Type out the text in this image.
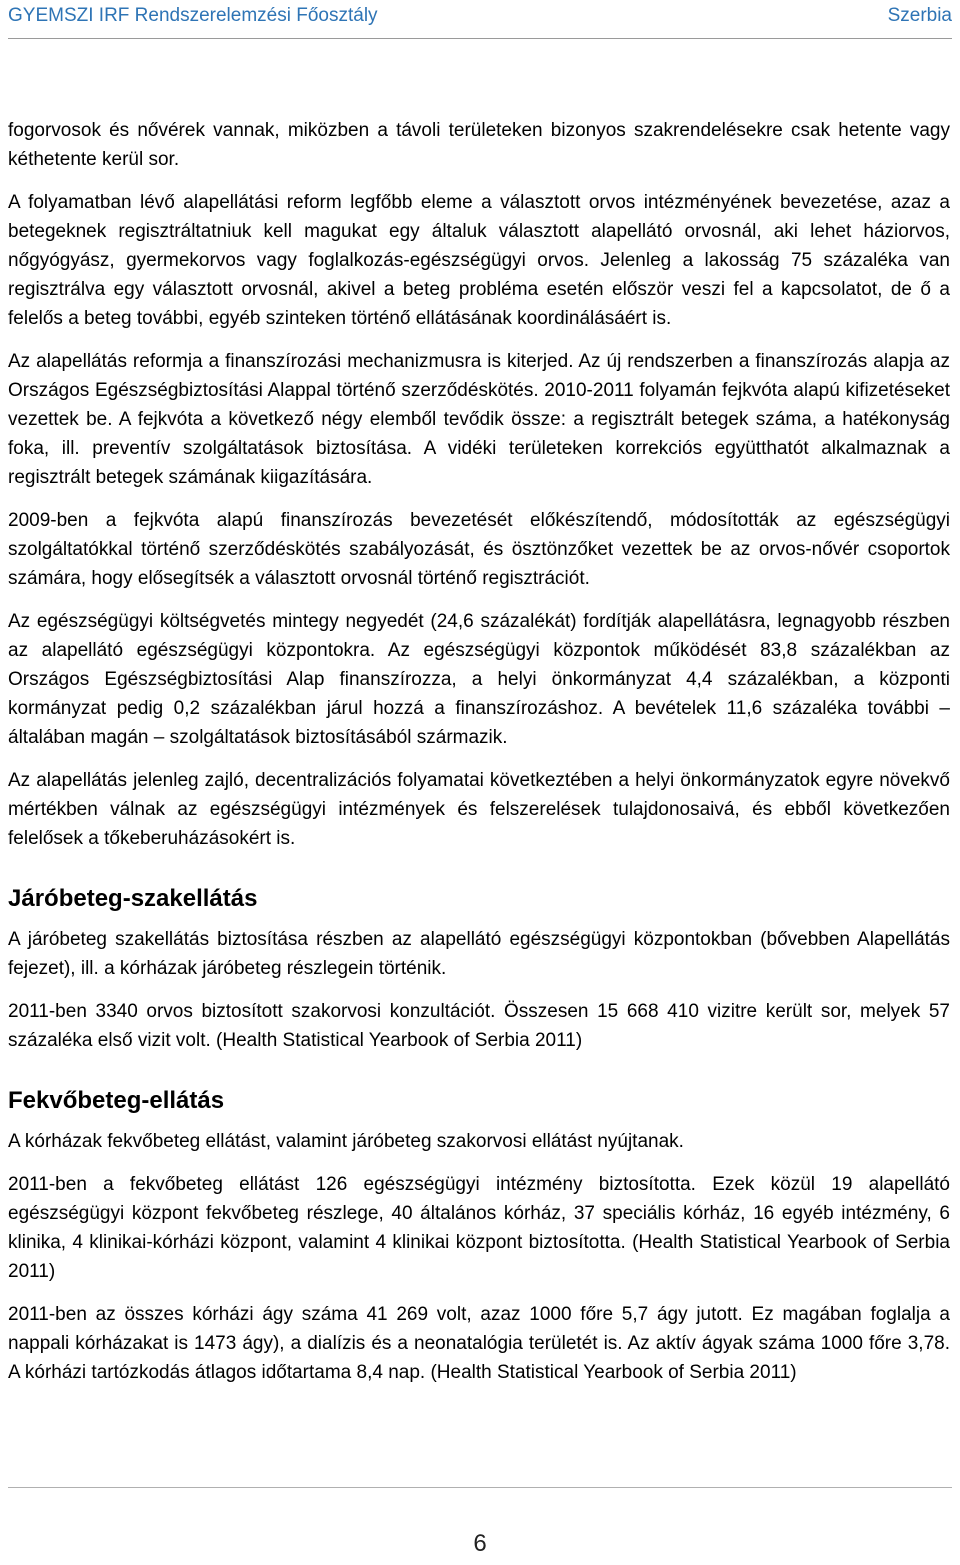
GYEMSZI IRF Rendszerelemzési Főosztály	Szerbia

fogorvosok és nővérek vannak, miközben a távoli területeken bizonyos szakrendelésekre csak hetente vagy kéthetente kerül sor.

A folyamatban lévő alapellátási reform legfőbb eleme a választott orvos intézményének bevezetése, azaz a betegeknek regisztráltatniuk kell magukat egy általuk választott alapellátó orvosnál, aki lehet háziorvos, nőgyógyász, gyermekorvos vagy foglalkozás-egészségügyi orvos. Jelenleg a lakosság 75 százaléka van regisztrálva egy választott orvosnál, akivel a beteg probléma esetén először veszi fel a kapcsolatot, de ő a felelős a beteg további, egyéb szinteken történő ellátásának koordinálásáért is.

Az alapellátás reformja a finanszírozási mechanizmusra is kiterjed. Az új rendszerben a finanszírozás alapja az Országos Egészségbiztosítási Alappal történő szerződéskötés. 2010-2011 folyamán fejkvóta alapú kifizetéseket vezettek be. A fejkvóta a következő négy elemből tevődik össze: a regisztrált betegek száma, a hatékonyság foka, ill. preventív szolgáltatások biztosítása. A vidéki területeken korrekciós együtthatót alkalmaznak a regisztrált betegek számának kiigazítására.

2009-ben a fejkvóta alapú finanszírozás bevezetését előkészítendő, módosították az egészségügyi szolgáltatókkal történő szerződéskötés szabályozását, és ösztönzőket vezettek be az orvos-nővér csoportok számára, hogy elősegítsék a választott orvosnál történő regisztrációt.

Az egészségügyi költségvetés mintegy negyedét (24,6 százalékát) fordítják alapellátásra, legnagyobb részben az alapellátó egészségügyi központokra. Az egészségügyi központok működését 83,8 százalékban az Országos Egészségbiztosítási Alap finanszírozza, a helyi önkormányzat 4,4 százalékban, a központi kormányzat pedig 0,2 százalékban járul hozzá a finanszírozáshoz. A bevételek 11,6 százaléka további – általában magán – szolgáltatások biztosításából származik.

Az alapellátás jelenleg zajló, decentralizációs folyamatai következtében a helyi önkormányzatok egyre növekvő mértékben válnak az egészségügyi intézmények és felszerelések tulajdonosaivá, és ebből következően felelősek a tőkeberuházásokért is.

Járóbeteg-szakellátás

A járóbeteg szakellátás biztosítása részben az alapellátó egészségügyi központokban (bővebben Alapellátás fejezet), ill. a kórházak járóbeteg részlegein történik.

2011-ben 3340 orvos biztosított szakorvosi konzultációt. Összesen 15 668 410 vizitre került sor, melyek 57 százaléka első vizit volt. (Health Statistical Yearbook of Serbia 2011)

Fekvőbeteg-ellátás

A kórházak fekvőbeteg ellátást, valamint járóbeteg szakorvosi ellátást nyújtanak.

2011-ben a fekvőbeteg ellátást 126 egészségügyi intézmény biztosította. Ezek közül 19 alapellátó egészségügyi központ fekvőbeteg részlege, 40 általános kórház, 37 speciális kórház, 16 egyéb intézmény, 6 klinika, 4 klinikai-kórházi központ, valamint 4 klinikai központ biztosította. (Health Statistical Yearbook of Serbia 2011)

2011-ben az összes kórházi ágy száma 41 269 volt, azaz 1000 főre 5,7 ágy jutott. Ez magában foglalja a nappali kórházakat is 1473 ágy), a dialízis és a neonatalógia területét is. Az aktív ágyak száma 1000 főre 3,78. A kórházi tartózkodás átlagos időtartama 8,4 nap. (Health Statistical Yearbook of Serbia 2011)

6
